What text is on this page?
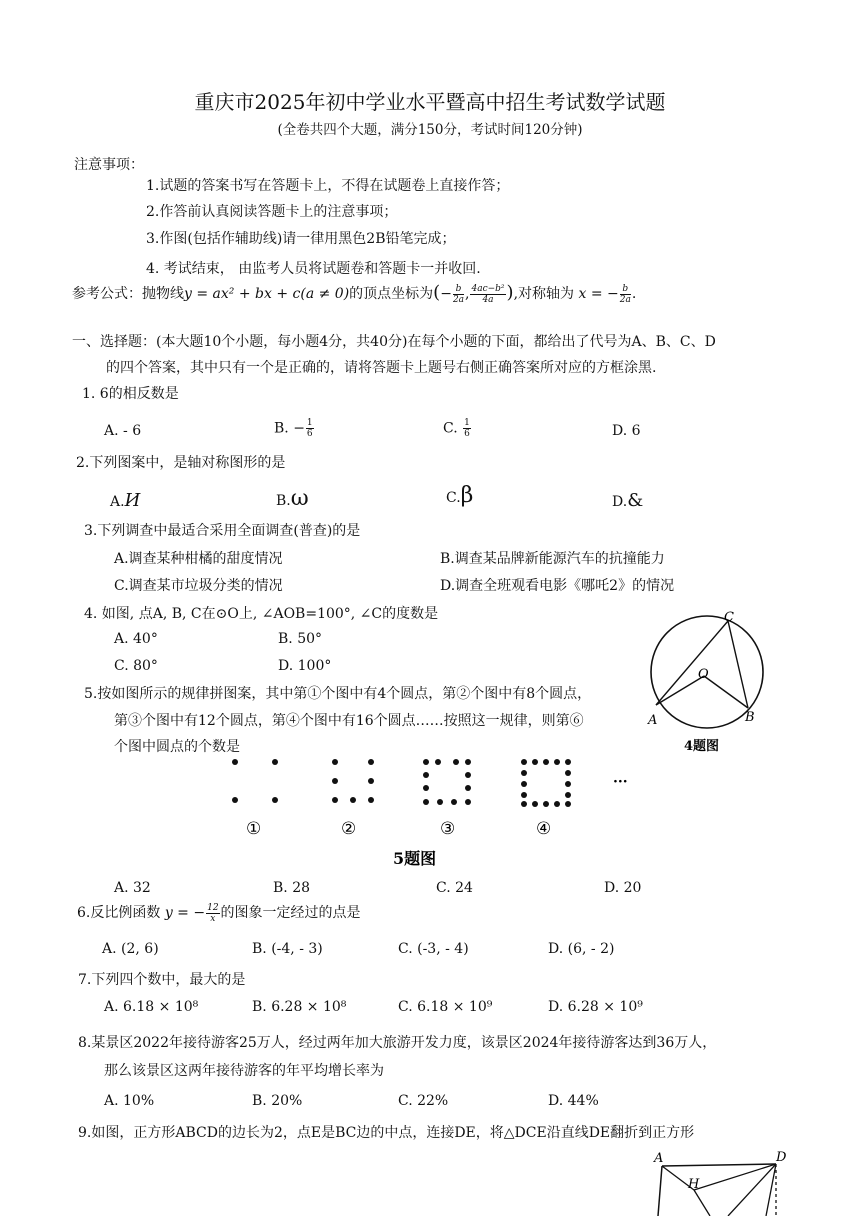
重庆市2025年初中学业水平暨高中招生考试数学试题
(全卷共四个大题，满分150分，考试时间120分钟)
注意事项：
1.试题的答案书写在答题卡上，不得在试题卷上直接作答；
2.作答前认真阅读答题卡上的注意事项；
3.作图(包括作辅助线)请一律用黑色2B铅笔完成；
4. 考试结束， 由监考人员将试题卷和答题卡一并收回.
参考公式：抛物线y = ax² + bx + c(a ≠ 0)的顶点坐标为(− $\frac{b}{2a}$ , $\frac{\text{4ac−b²}}{4a}$ ),对称轴为 x = − $\frac{b}{2a}$ .
一、选择题：(本大题10个小题，每小题4分，共40分)在每个小题的下面，都给出了代号为A、B、C、D
的四个答案，其中只有一个是正确的，请将答题卡上题号右侧正确答案所对应的方框涂黑.
1. 6的相反数是
A. - 6	B. − $\frac{1}{6}$	C. $\frac{1}{6}$	D. 6
2.下列图案中，是轴对称图形的是
A.И	B.ω	C.β	D.&
3.下列调查中最适合采用全面调查(普查)的是
A.调查某种柑橘的甜度情况	B.调查某品牌新能源汽车的抗撞能力
C.调查某市垃圾分类的情况	D.调查全班观看电影《哪吒2》的情况
4. 如图, 点A, B, C在⊙O上, ∠AOB=100°, ∠C的度数是
A. 40°	B. 50°
C. 80°	D. 100°
C
O
A	B
4题图
5.按如图所示的规律拼图案，其中第①个图中有4个圆点，第②个图中有8个圆点，
第③个图中有12个圆点，第④个图中有16个圆点……按照这一规律，则第⑥
个图中圆点的个数是
···
①	②	③	④
5题图
A. 32	B. 28	C. 24	D. 20
6.反比例函数 y = − $\frac{12}{x}$ 的图象一定经过的点是
A. (2, 6)	B. (-4, - 3)	C. (-3, - 4)	D. (6, - 2)
7.下列四个数中，最大的是
A. 6.18 × 10⁸	B. 6.28 × 10⁸	C. 6.18 × 10⁹	D. 6.28 × 10⁹
8.某景区2022年接待游客25万人，经过两年加大旅游开发力度，该景区2024年接待游客达到36万人，
那么该景区这两年接待游客的年平均增长率为
A. 10%	B. 20%	C. 22%	D. 44%
9.如图，正方形ABCD的边长为2，点E是BC边的中点，连接DE，将△DCE沿直线DE翻折到正方形
A	D
H
